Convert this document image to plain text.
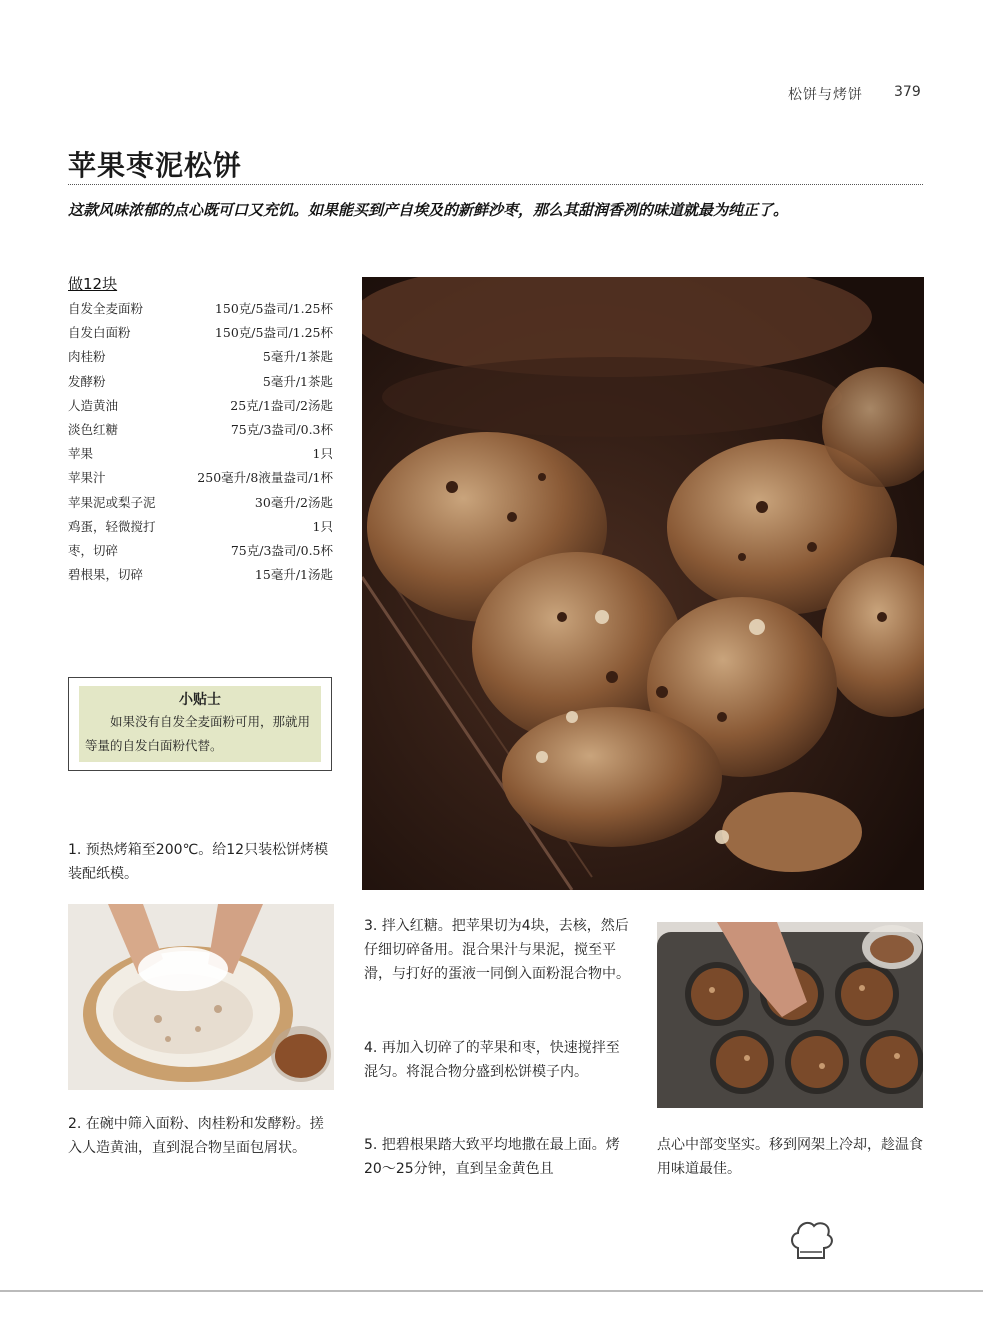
松饼与烤饼 379
苹果枣泥松饼
这款风味浓郁的点心既可口又充饥。如果能买到产自埃及的新鲜沙枣，那么其甜润香冽的味道就最为纯正了。
做12块
自发全麦面粉	150克/5盎司/1.25杯
自发白面粉	150克/5盎司/1.25杯
肉桂粉	5毫升/1茶匙
发酵粉	5毫升/1茶匙
人造黄油	25克/1盎司/2汤匙
淡色红糖	75克/3盎司/0.3杯
苹果	1只
苹果汁	250毫升/8液量盎司/1杯
苹果泥或梨子泥	30毫升/2汤匙
鸡蛋，轻微搅打	1只
枣，切碎	75克/3盎司/0.5杯
碧根果，切碎	15毫升/1汤匙
小贴士
如果没有自发全麦面粉可用，那就用等量的自发白面粉代替。
1. 预热烤箱至200℃。给12只装松饼烤模装配纸模。
2. 在碗中筛入面粉、肉桂粉和发酵粉。搓入人造黄油，直到混合物呈面包屑状。
3. 拌入红糖。把苹果切为4块，去核，然后仔细切碎备用。混合果汁与果泥，搅至平滑，与打好的蛋液一同倒入面粉混合物中。
4. 再加入切碎了的苹果和枣，快速搅拌至混匀。将混合物分盛到松饼模子内。
5. 把碧根果踏大致平均地撒在最上面。烤20～25分钟，直到呈金黄色且
点心中部变坚实。移到网架上冷却，趁温食用味道最佳。
